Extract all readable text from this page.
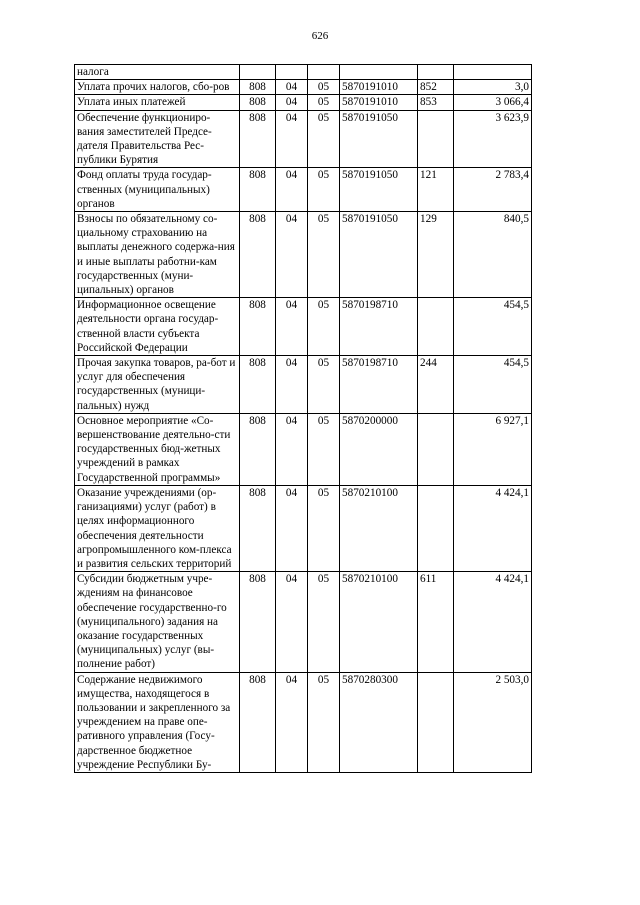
626
налога						
Уплата прочих налогов, сбо-ров	808	04	05	5870191010	852	3,0
Уплата иных платежей	808	04	05	5870191010	853	3 066,4
Обеспечение функциониро-вания заместителей Предсе-дателя Правительства Рес-публики Бурятия	808	04	05	5870191050		3 623,9
Фонд оплаты труда государ-ственных (муниципальных) органов	808	04	05	5870191050	121	2 783,4
Взносы по обязательному со-циальному страхованию на выплаты денежного содержа-ния и иные выплаты работни-кам государственных (муни-ципальных) органов	808	04	05	5870191050	129	840,5
Информационное освещение деятельности органа государ-ственной власти субъекта Российской Федерации	808	04	05	5870198710		454,5
Прочая закупка товаров, ра-бот и услуг для обеспечения государственных (муници-пальных) нужд	808	04	05	5870198710	244	454,5
Основное мероприятие «Со-вершенствование деятельно-сти государственных бюд-жетных учреждений в рамках Государственной программы»	808	04	05	5870200000		6 927,1
Оказание учреждениями (ор-ганизациями) услуг (работ) в целях информационного обеспечения деятельности агропромышленного ком-плекса и развития сельских территорий	808	04	05	5870210100		4 424,1
Субсидии бюджетным учре-ждениям на финансовое обеспечение государственно-го (муниципального) задания на оказание государственных (муниципальных) услуг (вы-полнение работ)	808	04	05	5870210100	611	4 424,1
Содержание недвижимого имущества, находящегося в пользовании и закрепленного за учреждением на праве опе-ративного управления (Госу-дарственное бюджетное учреждение Республики Бу-	808	04	05	5870280300		2 503,0
